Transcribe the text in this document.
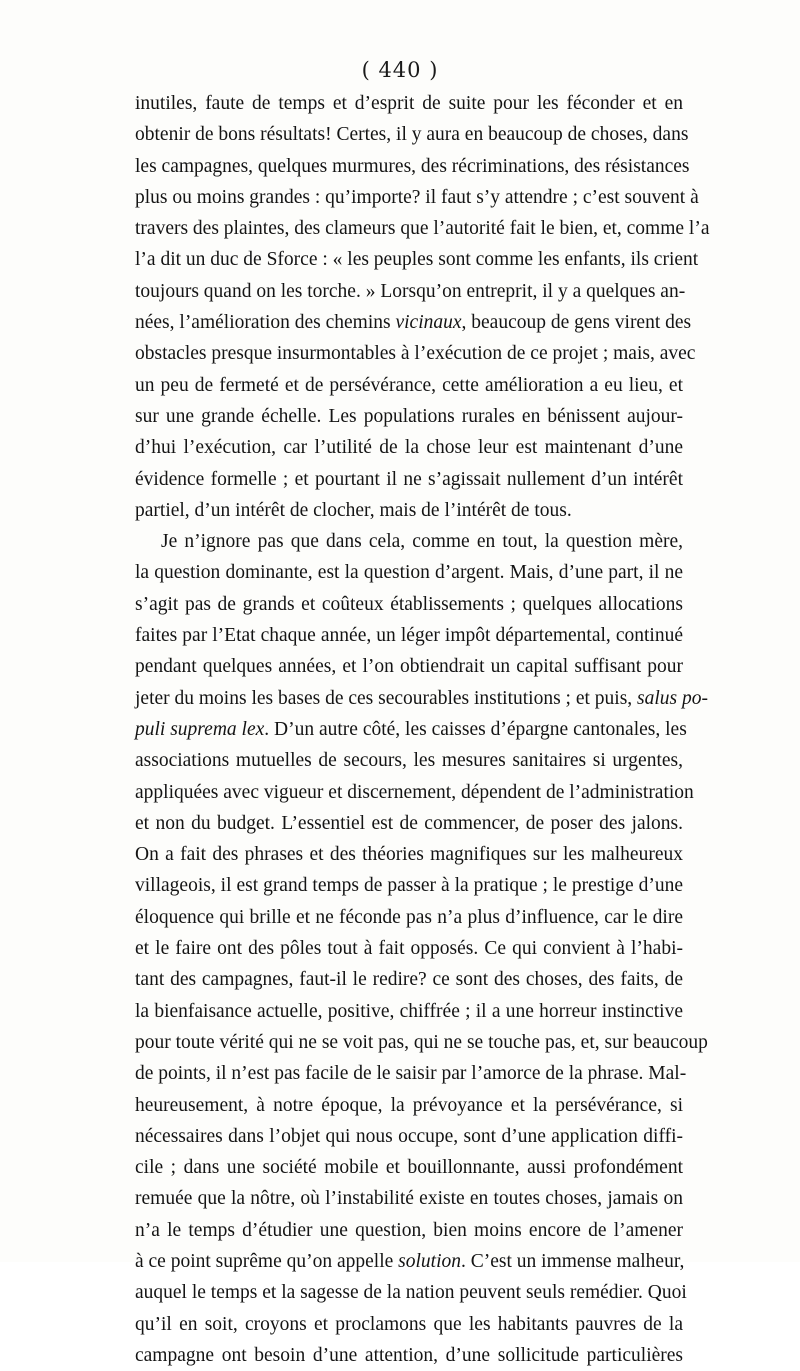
( 440 )
inutiles, faute de temps et d’esprit de suite pour les féconder et en
obtenir de bons résultats! Certes, il y aura en beaucoup de choses, dans
les campagnes, quelques murmures, des récriminations, des résistances
plus ou moins grandes : qu’importe? il faut s’y attendre ; c’est souvent à
travers des plaintes, des clameurs que l’autorité fait le bien, et, comme l’a
l’a dit un duc de Sforce : « les peuples sont comme les enfants, ils crient
toujours quand on les torche. » Lorsqu’on entreprit, il y a quelques an-
nées, l’amélioration des chemins vicinaux, beaucoup de gens virent des
obstacles presque insurmontables à l’exécution de ce projet ; mais, avec
un peu de fermeté et de persévérance, cette amélioration a eu lieu, et
sur une grande échelle. Les populations rurales en bénissent aujour-
d’hui l’exécution, car l’utilité de la chose leur est maintenant d’une
évidence formelle ; et pourtant il ne s’agissait nullement d’un intérêt
partiel, d’un intérêt de clocher, mais de l’intérêt de tous.
Je n’ignore pas que dans cela, comme en tout, la question mère,
la question dominante, est la question d’argent. Mais, d’une part, il ne
s’agit pas de grands et coûteux établissements ; quelques allocations
faites par l’Etat chaque année, un léger impôt départemental, continué
pendant quelques années, et l’on obtiendrait un capital suffisant pour
jeter du moins les bases de ces secourables institutions ; et puis, salus po-
puli suprema lex. D’un autre côté, les caisses d’épargne cantonales, les
associations mutuelles de secours, les mesures sanitaires si urgentes,
appliquées avec vigueur et discernement, dépendent de l’administration
et non du budget. L’essentiel est de commencer, de poser des jalons.
On a fait des phrases et des théories magnifiques sur les malheureux
villageois, il est grand temps de passer à la pratique ; le prestige d’une
éloquence qui brille et ne féconde pas n’a plus d’influence, car le dire
et le faire ont des pôles tout à fait opposés. Ce qui convient à l’habi-
tant des campagnes, faut-il le redire? ce sont des choses, des faits, de
la bienfaisance actuelle, positive, chiffrée ; il a une horreur instinctive
pour toute vérité qui ne se voit pas, qui ne se touche pas, et, sur beaucoup
de points, il n’est pas facile de le saisir par l’amorce de la phrase. Mal-
heureusement, à notre époque, la prévoyance et la persévérance, si
nécessaires dans l’objet qui nous occupe, sont d’une application diffi-
cile ; dans une société mobile et bouillonnante, aussi profondément
remuée que la nôtre, où l’instabilité existe en toutes choses, jamais on
n’a le temps d’étudier une question, bien moins encore de l’amener
à ce point suprême qu’on appelle solution. C’est un immense malheur,
auquel le temps et la sagesse de la nation peuvent seuls remédier. Quoi
qu’il en soit, croyons et proclamons que les habitants pauvres de la
campagne ont besoin d’une attention, d’une sollicitude particulières
